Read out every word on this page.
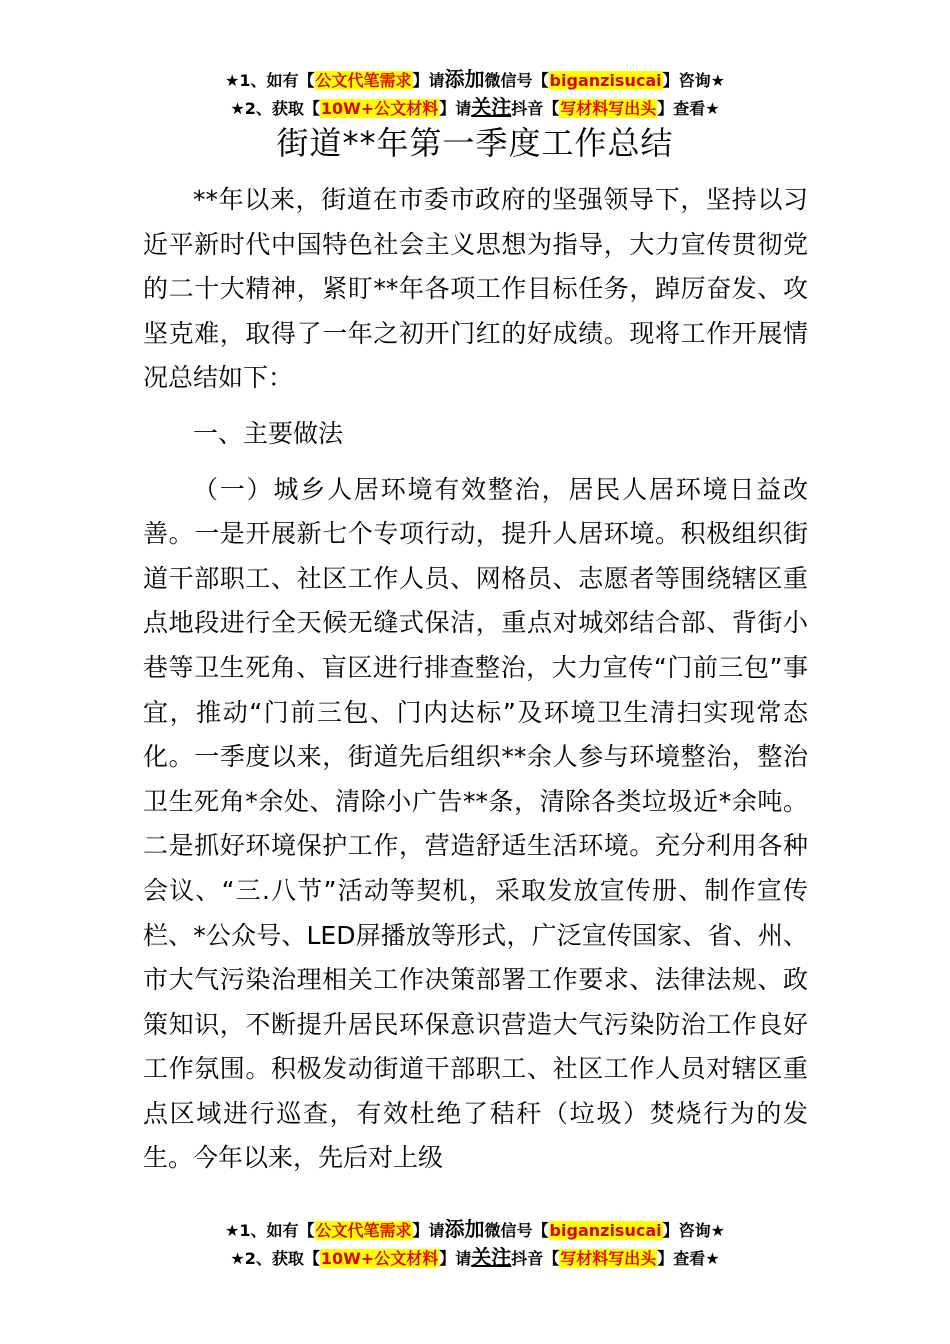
★1、如有【公文代笔需求】请添加微信号【biganzisucai】咨询★
★2、获取【10W+公文材料】请关注抖音【写材料写出头】查看★
街道**年第一季度工作总结

**年以来，街道在市委市政府的坚强领导下，坚持以习近平新时代中国特色社会主义思想为指导，大力宣传贯彻党的二十大精神，紧盯**年各项工作目标任务，踔厉奋发、攻坚克难，取得了一年之初开门红的好成绩。现将工作开展情况总结如下：

一、主要做法

（一）城乡人居环境有效整治，居民人居环境日益改善。一是开展新七个专项行动，提升人居环境。积极组织街道干部职工、社区工作人员、网格员、志愿者等围绕辖区重点地段进行全天候无缝式保洁，重点对城郊结合部、背街小巷等卫生死角、盲区进行排查整治，大力宣传“门前三包”事宜，推动“门前三包、门内达标”及环境卫生清扫实现常态化。一季度以来，街道先后组织**余人参与环境整治，整治卫生死角*余处、清除小广告**条，清除各类垃圾近*余吨。二是抓好环境保护工作，营造舒适生活环境。充分利用各种会议、“三.八节”活动等契机，采取发放宣传册、制作宣传栏、*公众号、LED屏播放等形式，广泛宣传国家、省、州、市大气污染治理相关工作决策部署工作要求、法律法规、政策知识，不断提升居民环保意识营造大气污染防治工作良好工作氛围。积极发动街道干部职工、社区工作人员对辖区重点区域进行巡查，有效杜绝了秸秆（垃圾）焚烧行为的发生。今年以来，先后对上级

★1、如有【公文代笔需求】请添加微信号【biganzisucai】咨询★
★2、获取【10W+公文材料】请关注抖音【写材料写出头】查看★
